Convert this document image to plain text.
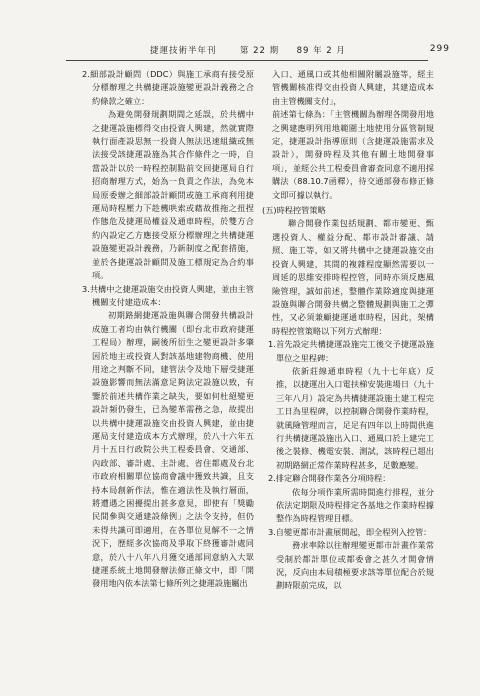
捷運技術半年刊	第 22 期 89 年 2 月	299

2.細部設計顧問（DDC）與施工承商有接受原分標辦理之共構捷運設施變更設計義務之合約條款之確立：

為避免開發規劃期間之延誤，於共構中之捷運設施標得交由投資人興建，然就實際執行面產設思無一投資人無法迅速組織或無法接受該捷運設施為其合作條件之一時，自當設計以於一時程控制點前交回捷運局自行招商辦理方式，始為一負責之作法，為免本局原委辦之細部設計顧問或施工承商利用捷運局時程壓力下趁機哄索或藉故推拖之扭捏作態危及捷運局權益及通車時程，於雙方合約內設定乙方應接受原分標辦理之共構捷運設施變更設計義務，乃新制度之配套措施，並於各捷運設計顧問及施工標規定為合約事項。

3.共構中之捷運設施交由投資人興建，並由主管機關支付建造成本：

初期路網捷運設施與聯合開發共構設計成施工者均由執行機關（即台北市政府捷運工程局）辦理，嗣後所衍生之變更設計多肇因於地主或投資人對該基地建物商機、使用用途之判斷不同，建管法令及地下層受捷運設施影響而無法滿意足夠法定設施以致，有鑒於前述共構作業之缺失，要如何杜絕變更設計頻仍發生，已為變革需務之急，故提出以共構中捷運設施交由投資人興建，並由捷運局支付建造成本方式辦理，於八十六年五月十五日行政院公共工程委員會、交通部、內政部、審計處、主計處、省住都處及台北市政府相關單位協商會議中獲致共識，且支持本局創新作法，惟在適法性及執行層面，將遭遇之困擾提出甚多意見，即使有「獎勵民間參與交通建設條例」之法令支持，但仍未得共識可即適用，在各單位見解不一之情況下，歷經多次協商及爭取下終獲審計處同意，於八十八年八月獲交通部同意納入大眾捷運系統土地開發辦法修正條文中，即「開發用地內依本法第七條所列之捷運設施屬出

入口、通風口或其他相關附屬設施等，經主管機關核准得交由投資人興建，其建造成本由主管機關支付」，

前述第七條為：「主管機關為辦理各開發用地之興建應明列用地範圍土地使用分區管制規定，捷運設計指導原則（含捷運設施需求及設計），開發時程及其他有關土地開發事項」，並經公共工程委員會審查同意不適用採購法（88.10.7函釋），待交通部發布修正條文即可據以執行。

(五)時程控管策略

聯合開發作業包括規劃、都市變更、甄選投資人、權益分配、都市設計審議、請照、施工等，如又將共構中之捷運設施交由投資人興建，其間的複雜程度顯然需要以一周延的思維安排時程控管，同時亦須反應風險管理，誠如前述，整體作業除適度與捷運設施與聯合開發共構之整體規劃與施工之彈性，又必須兼顧捷運通車時程，因此，架構時程控管策略以下列方式辦理：

1.首先設定共構捷運設施完工後交予捷運設施單位之里程碑：

依新莊線通車時程（九十七年底）反推，以捷運出入口電扶梯安裝進場日（九十三年八月）設定為共構捷運設施土建工程完工日為里程碑，以控制聯合開發作業時程，就風險管理而言，足足有四年以上時間供進行共構捷運設施出入口、通風口於上建完工後之裝修、機電安裝、測試，該時程已超出初期路網正常作業時程甚多，足數應變。

2.排定聯合開發作業各分項時程：

依每分項作業所需時間進行排程，並分依法定期限及時程排定各基地之作業時程據整作為時程管理目標。

3.自變更都市計畫展開起，即全程列入控管：

務求率除以往辦理變更都市計畫作業常受制於都計單位或都委會之甚久才開會情況，反向由本局積極要求該等單位配合於規劃時限前完成，以
